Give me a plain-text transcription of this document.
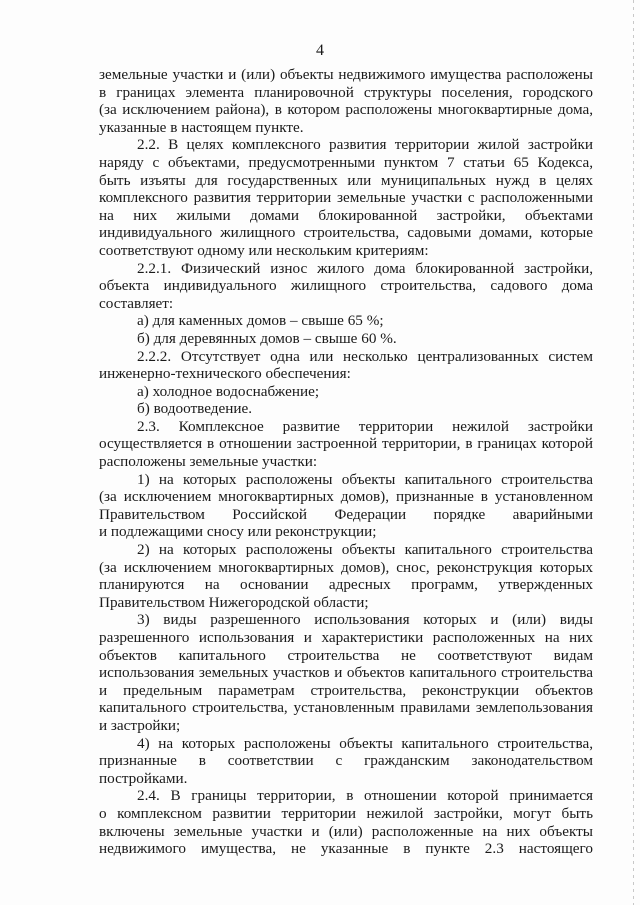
4
земельные участки и (или) объекты недвижимого имущества расположены
в границах элемента планировочной структуры поселения, городского
(за исключением района), в котором расположены многоквартирные дома,
указанные в настоящем пункте.
2.2. В целях комплексного развития территории жилой застройки
наряду с объектами, предусмотренными пунктом 7 статьи 65 Кодекса,
быть изъяты для государственных или муниципальных нужд в целях
комплексного развития территории земельные участки с расположенными
на них жилыми домами блокированной застройки, объектами
индивидуального жилищного строительства, садовыми домами, которые
соответствуют одному или нескольким критериям:
2.2.1. Физический износ жилого дома блокированной застройки,
объекта индивидуального жилищного строительства, садового дома
составляет:
а) для каменных домов – свыше 65 %;
б) для деревянных домов – свыше 60 %.
2.2.2. Отсутствует одна или несколько централизованных систем
инженерно-технического обеспечения:
а) холодное водоснабжение;
б) водоотведение.
2.3. Комплексное развитие территории нежилой застройки
осуществляется в отношении застроенной территории, в границах которой
расположены земельные участки:
1) на которых расположены объекты капитального строительства
(за исключением многоквартирных домов), признанные в установленном
Правительством Российской Федерации порядке аварийными
и подлежащими сносу или реконструкции;
2) на которых расположены объекты капитального строительства
(за исключением многоквартирных домов), снос, реконструкция которых
планируются на основании адресных программ, утвержденных
Правительством Нижегородской области;
3) виды разрешенного использования которых и (или) виды
разрешенного использования и характеристики расположенных на них
объектов капитального строительства не соответствуют видам
использования земельных участков и объектов капитального строительства
и предельным параметрам строительства, реконструкции объектов
капитального строительства, установленным правилами землепользования
и застройки;
4) на которых расположены объекты капитального строительства,
признанные в соответствии с гражданским законодательством
постройками.
2.4. В границы территории, в отношении которой принимается
о комплексном развитии территории нежилой застройки, могут быть
включены земельные участки и (или) расположенные на них объекты
недвижимого имущества, не указанные в пункте 2.3 настоящего
